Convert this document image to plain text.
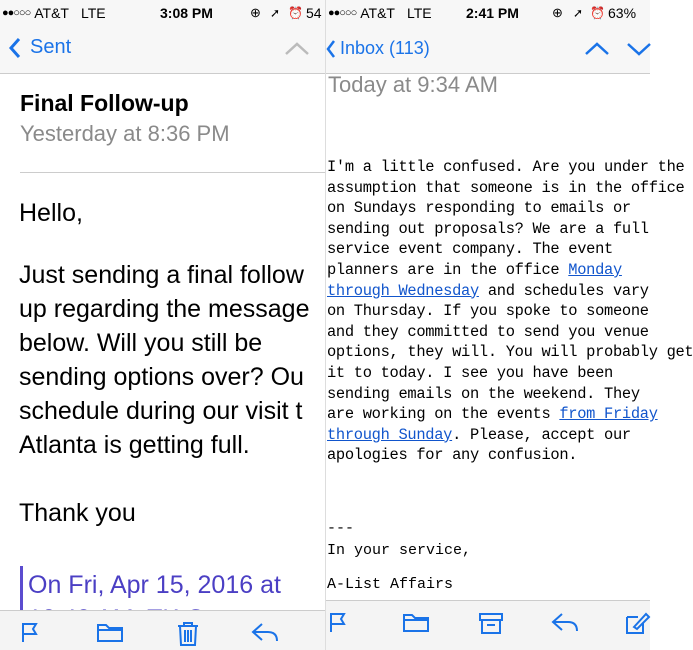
●●○○○ AT&T LTE	3:08 PM	⊕ ➚ ⏰ 54
Sent
Final Follow-up
Yesterday at 8:36 PM
Hello,
Just sending a final follow
up regarding the message
below. Will you still be
sending options over? Ou
schedule during our visit t
Atlanta is getting full.
Thank you
On Fri, Apr 15, 2016 at
●●○○○ AT&T LTE 2:41 PM	⊕ ➚ ⏰ 63%
Inbox (113)
Today at 9:34 AM
I'm a little confused. Are you under the
assumption that someone is in the office
on Sundays responding to emails or
sending out proposals? We are a full
service event company. The event
planners are in the office Monday
through Wednesday and schedules vary
on Thursday. If you spoke to someone
and they committed to send you venue
options, they will. You will probably get
it to today. I see you have been
sending emails on the weekend. They
are working on the events from Friday
through Sunday. Please, accept our
apologies for any confusion.
---
In your service,
A-List Affairs
